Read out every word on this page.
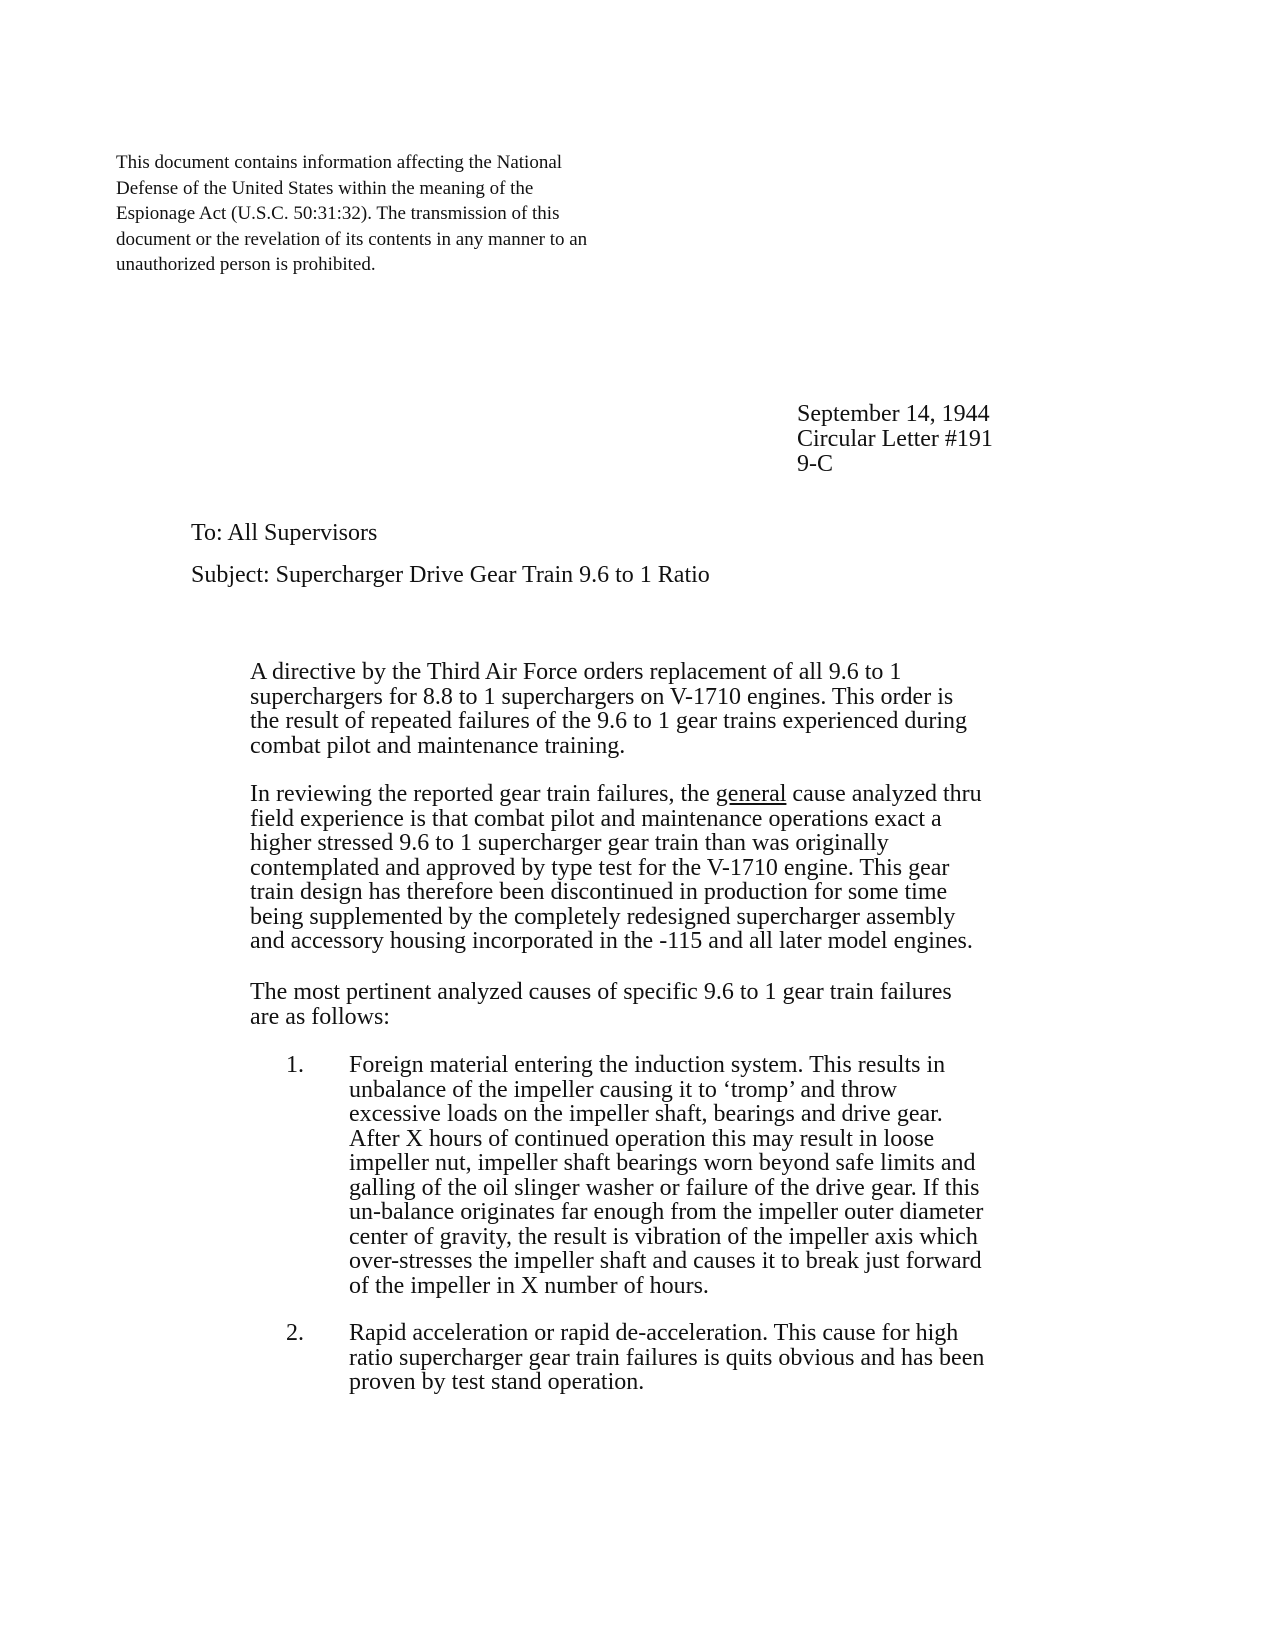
This document contains information affecting the National
Defense of the United States within the meaning of the
Espionage Act (U.S.C. 50:31:32). The transmission of this
document or the revelation of its contents in any manner to an
unauthorized person is prohibited.
September 14, 1944
Circular Letter #191
9-C
To: All Supervisors
Subject: Supercharger Drive Gear Train 9.6 to 1 Ratio
A directive by the Third Air Force orders replacement of all 9.6 to 1
superchargers for 8.8 to 1 superchargers on V-1710 engines. This order is
the result of repeated failures of the 9.6 to 1 gear trains experienced during
combat pilot and maintenance training.
In reviewing the reported gear train failures, the general cause analyzed thru
field experience is that combat pilot and maintenance operations exact a
higher stressed 9.6 to 1 supercharger gear train than was originally
contemplated and approved by type test for the V-1710 engine. This gear
train design has therefore been discontinued in production for some time
being supplemented by the completely redesigned supercharger assembly
and accessory housing incorporated in the -115 and all later model engines.
The most pertinent analyzed causes of specific 9.6 to 1 gear train failures
are as follows:
1. Foreign material entering the induction system. This results in
unbalance of the impeller causing it to ‘tromp’ and throw
excessive loads on the impeller shaft, bearings and drive gear.
After X hours of continued operation this may result in loose
impeller nut, impeller shaft bearings worn beyond safe limits and
galling of the oil slinger washer or failure of the drive gear. If this
un-balance originates far enough from the impeller outer diameter
center of gravity, the result is vibration of the impeller axis which
over-stresses the impeller shaft and causes it to break just forward
of the impeller in X number of hours.
2. Rapid acceleration or rapid de-acceleration. This cause for high
ratio supercharger gear train failures is quits obvious and has been
proven by test stand operation.
